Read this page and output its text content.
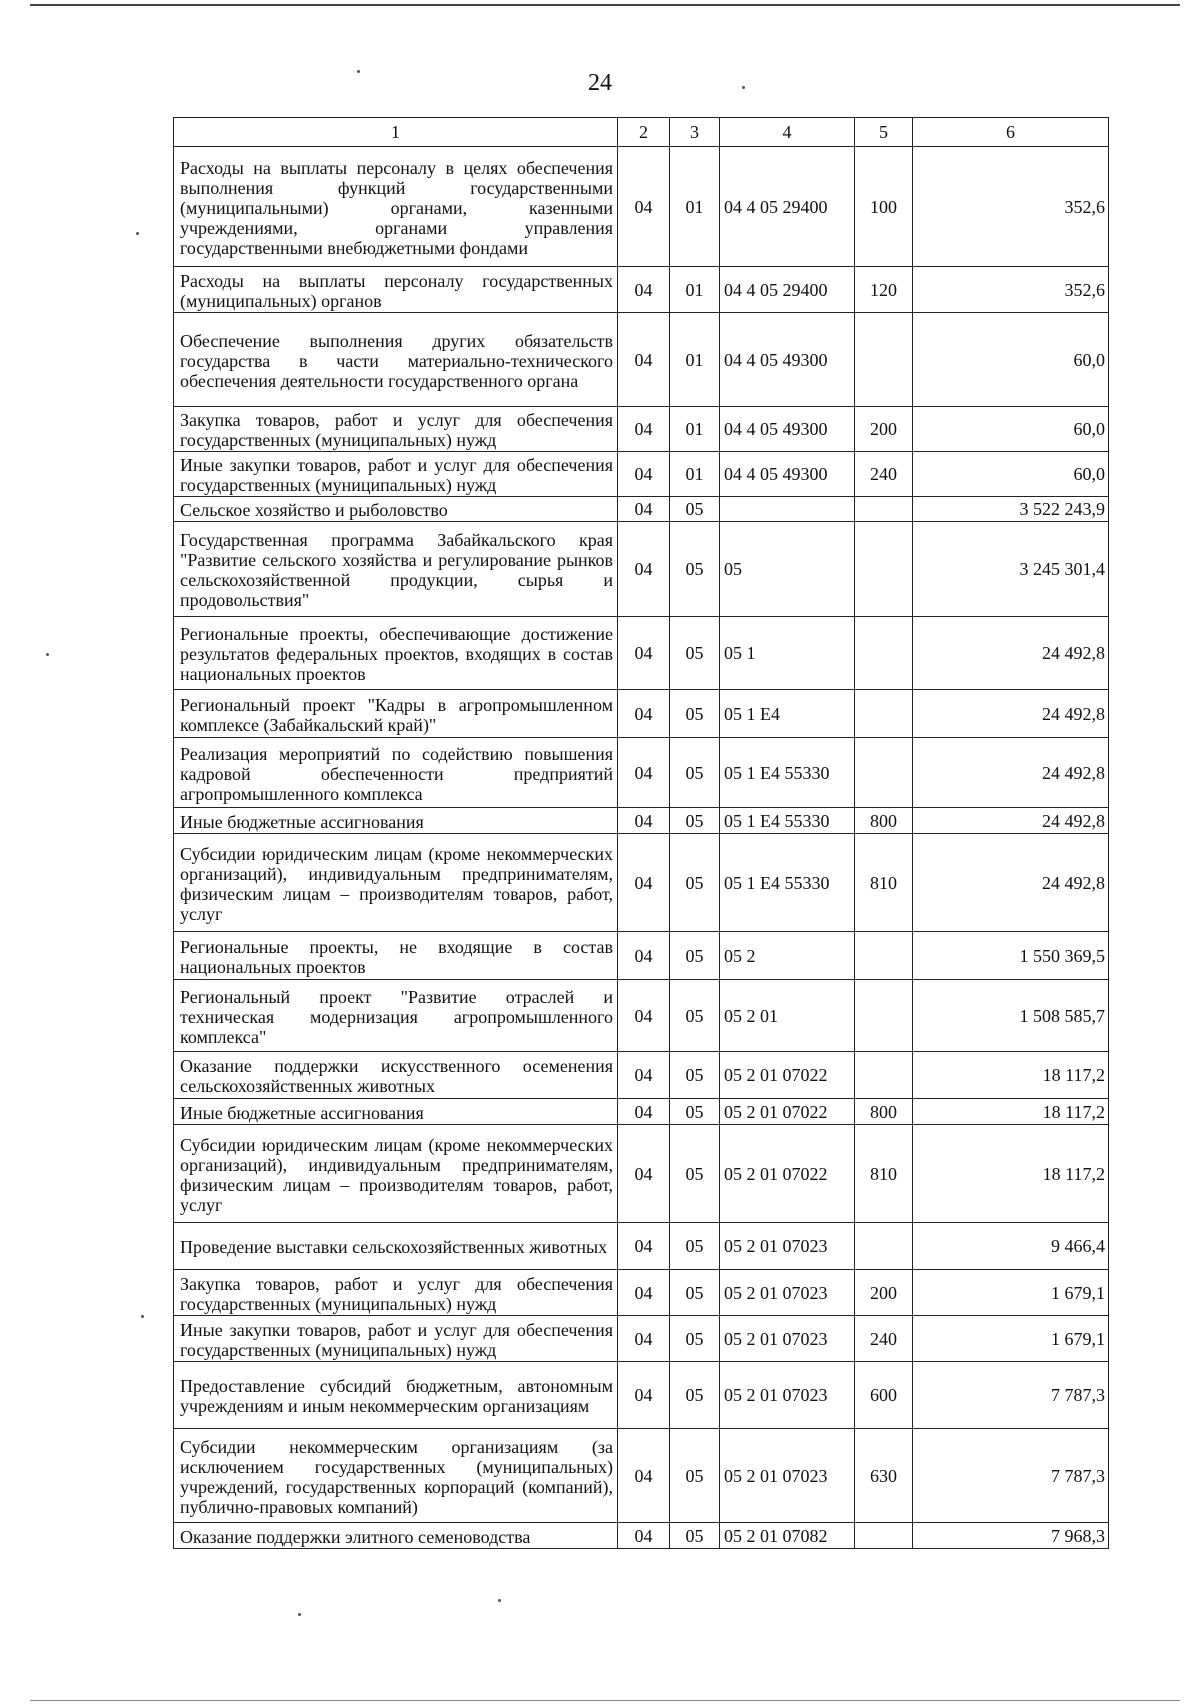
24
1	2	3	4	5	6
Расходы на выплаты персоналу в целях обеспечения выполнения функций государственными (муниципальными) органами, казенными учреждениями, органами управления государственными внебюджетными фондами	04	01	04 4 05 29400	100	352,6
Расходы на выплаты персоналу государственных (муниципальных) органов	04	01	04 4 05 29400	120	352,6
Обеспечение выполнения других обязательств государства в части материально-технического обеспечения деятельности государственного органа	04	01	04 4 05 49300		60,0
Закупка товаров, работ и услуг для обеспечения государственных (муниципальных) нужд	04	01	04 4 05 49300	200	60,0
Иные закупки товаров, работ и услуг для обеспечения государственных (муниципальных) нужд	04	01	04 4 05 49300	240	60,0
Сельское хозяйство и рыболовство	04	05			3 522 243,9
Государственная программа Забайкальского края "Развитие сельского хозяйства и регулирование рынков сельскохозяйственной продукции, сырья и продовольствия"	04	05	05		3 245 301,4
Региональные проекты, обеспечивающие достижение результатов федеральных проектов, входящих в состав национальных проектов	04	05	05 1		24 492,8
Региональный проект "Кадры в агропромышленном комплексе (Забайкальский край)"	04	05	05 1 E4		24 492,8
Реализация мероприятий по содействию повышения кадровой обеспеченности предприятий агропромышленного комплекса	04	05	05 1 E4 55330		24 492,8
Иные бюджетные ассигнования	04	05	05 1 E4 55330	800	24 492,8
Субсидии юридическим лицам (кроме некоммерческих организаций), индивидуальным предпринимателям, физическим лицам – производителям товаров, работ, услуг	04	05	05 1 E4 55330	810	24 492,8
Региональные проекты, не входящие в состав национальных проектов	04	05	05 2		1 550 369,5
Региональный проект "Развитие отраслей и техническая модернизация агропромышленного комплекса"	04	05	05 2 01		1 508 585,7
Оказание поддержки искусственного осеменения сельскохозяйственных животных	04	05	05 2 01 07022		18 117,2
Иные бюджетные ассигнования	04	05	05 2 01 07022	800	18 117,2
Субсидии юридическим лицам (кроме некоммерческих организаций), индивидуальным предпринимателям, физическим лицам – производителям товаров, работ, услуг	04	05	05 2 01 07022	810	18 117,2
Проведение выставки сельскохозяйственных животных	04	05	05 2 01 07023		9 466,4
Закупка товаров, работ и услуг для обеспечения государственных (муниципальных) нужд	04	05	05 2 01 07023	200	1 679,1
Иные закупки товаров, работ и услуг для обеспечения государственных (муниципальных) нужд	04	05	05 2 01 07023	240	1 679,1
Предоставление субсидий бюджетным, автономным учреждениям и иным некоммерческим организациям	04	05	05 2 01 07023	600	7 787,3
Субсидии некоммерческим организациям (за исключением государственных (муниципальных) учреждений, государственных корпораций (компаний), публично-правовых компаний)	04	05	05 2 01 07023	630	7 787,3
Оказание поддержки элитного семеноводства	04	05	05 2 01 07082		7 968,3
